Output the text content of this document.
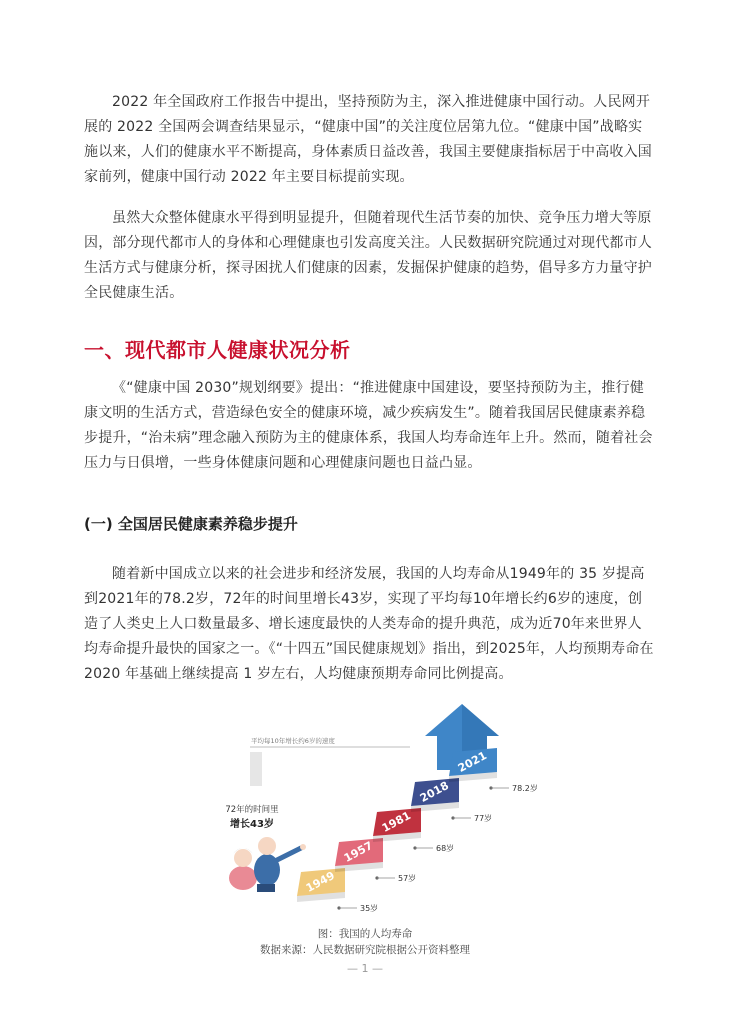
2022 年全国政府工作报告中提出，坚持预防为主，深入推进健康中国行动。人民网开展的 2022 全国两会调查结果显示，“健康中国”的关注度位居第九位。“健康中国”战略实施以来，人们的健康水平不断提高，身体素质日益改善，我国主要健康指标居于中高收入国家前列，健康中国行动 2022 年主要目标提前实现。

虽然大众整体健康水平得到明显提升，但随着现代生活节奏的加快、竞争压力增大等原因，部分现代都市人的身体和心理健康也引发高度关注。人民数据研究院通过对现代都市人生活方式与健康分析，探寻困扰人们健康的因素，发掘保护健康的趋势，倡导多方力量守护全民健康生活。

一、现代都市人健康状况分析

《“健康中国 2030”规划纲要》提出：“推进健康中国建设，要坚持预防为主，推行健康文明的生活方式，营造绿色安全的健康环境，减少疾病发生”。随着我国居民健康素养稳步提升，“治未病”理念融入预防为主的健康体系，我国人均寿命连年上升。然而，随着社会压力与日俱增，一些身体健康问题和心理健康问题也日益凸显。

(一) 全国居民健康素养稳步提升

随着新中国成立以来的社会进步和经济发展，我国的人均寿命从1949年的 35 岁提高到2021年的78.2岁，72年的时间里增长43岁，实现了平均每10年增长约6岁的速度，创造了人类史上人口数量最多、增长速度最快的人类寿命的提升典范，成为近70年来世界人均寿命提升最快的国家之一。《“十四五”国民健康规划》指出，到2025年，人均预期寿命在 2020 年基础上继续提高 1 岁左右，人均健康预期寿命同比例提高。

平均每10年增长约6岁的速度
1949
1957
1981
2018
2021
35岁
57岁
68岁
77岁
78.2岁
72年的时间里
增长43岁
图：我国的人均寿命
数据来源：人民数据研究院根据公开资料整理
— 1 —
